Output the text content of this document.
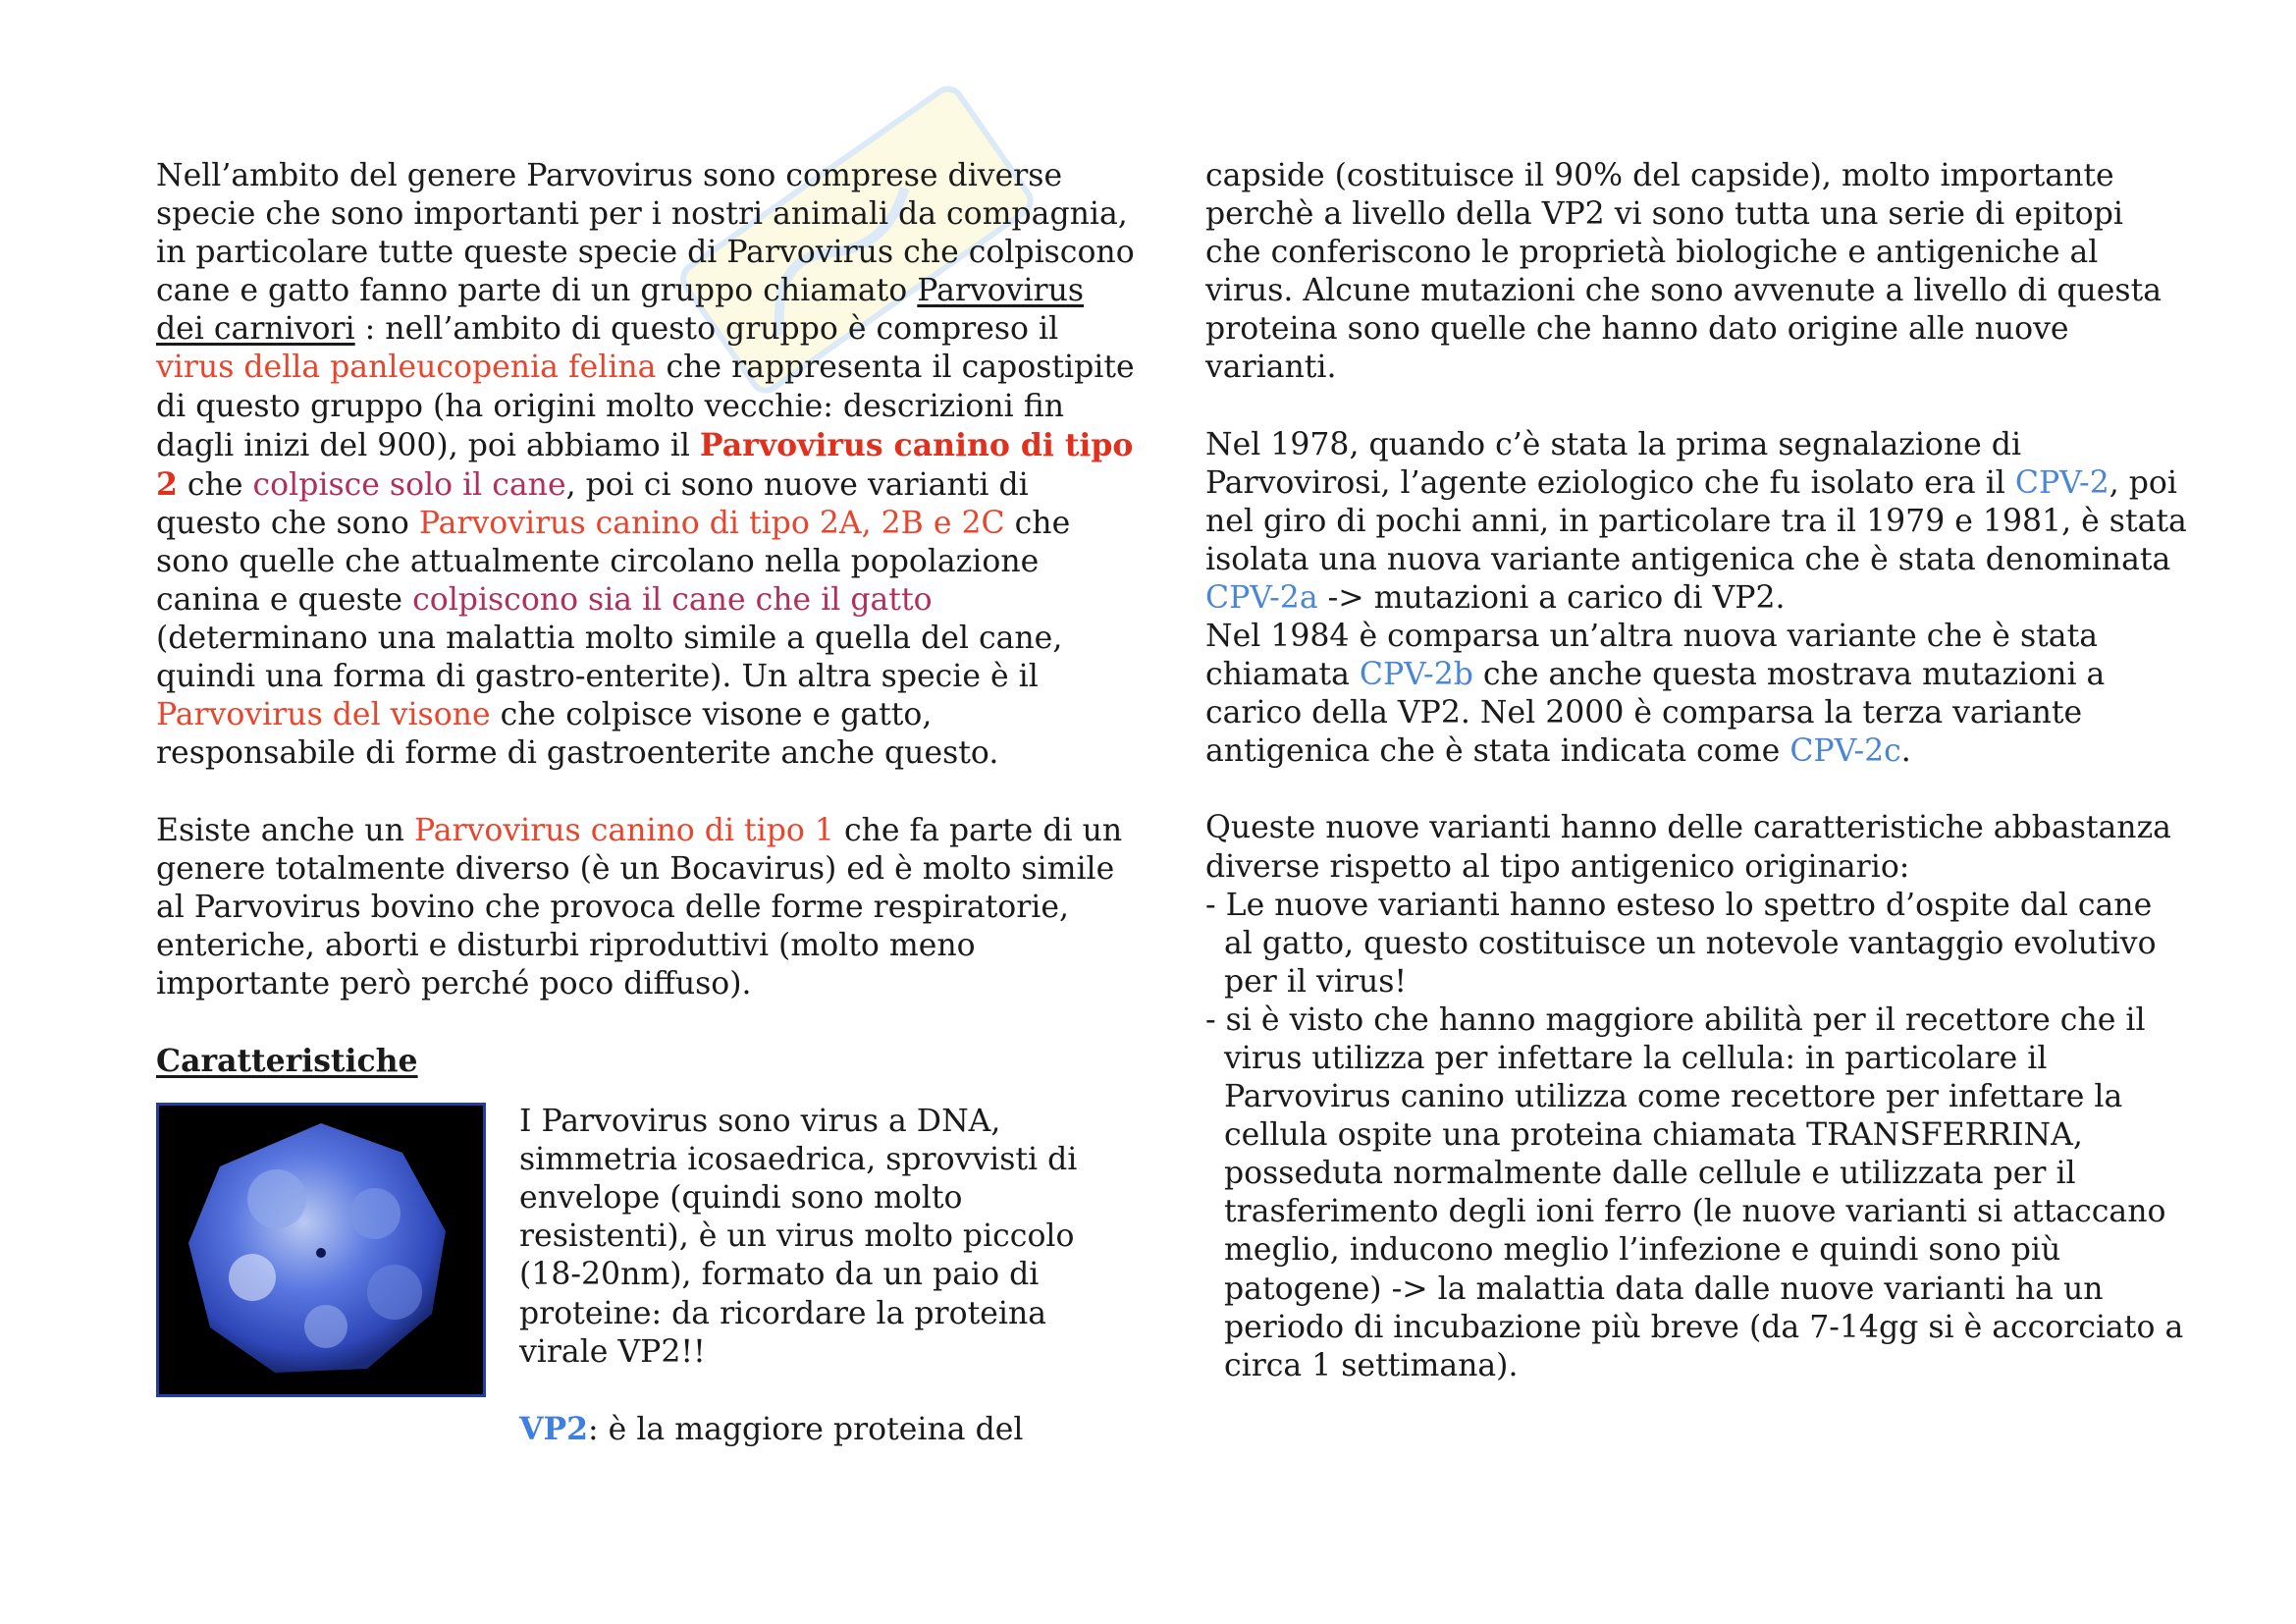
Nell’ambito del genere Parvovirus sono comprese diverse specie che sono importanti per i nostri animali da compagnia, in particolare tutte queste specie di Parvovirus che colpiscono cane e gatto fanno parte di un gruppo chiamato Parvovirus dei carnivori : nell’ambito di questo gruppo è compreso il virus della panleucopenia felina che rappresenta il capostipite di questo gruppo (ha origini molto vecchie: descrizioni fin dagli inizi del 900), poi abbiamo il Parvovirus canino di tipo 2 che colpisce solo il cane, poi ci sono nuove varianti di questo che sono Parvovirus canino di tipo 2A, 2B e 2C che sono quelle che attualmente circolano nella popolazione canina e queste colpiscono sia il cane che il gatto (determinano una malattia molto simile a quella del cane, quindi una forma di gastro-enterite). Un altra specie è il Parvovirus del visone che colpisce visone e gatto, responsabile di forme di gastroenterite anche questo.

Esiste anche un Parvovirus canino di tipo 1 che fa parte di un genere totalmente diverso (è un Bocavirus) ed è molto simile al Parvovirus bovino che provoca delle forme respiratorie, enteriche, aborti e disturbi riproduttivi (molto meno importante però perché poco diffuso).

Caratteristiche

I Parvovirus sono virus a DNA, simmetria icosaedrica, sprovvisti di envelope (quindi sono molto resistenti), è un virus molto piccolo (18-20nm), formato da un paio di proteine: da ricordare la proteina virale VP2!!

VP2: è la maggiore proteina del

capside (costituisce il 90% del capside), molto importante perchè a livello della VP2 vi sono tutta una serie di epitopi che conferiscono le proprietà biologiche e antigeniche al virus. Alcune mutazioni che sono avvenute a livello di questa proteina sono quelle che hanno dato origine alle nuove varianti.

Nel 1978, quando c’è stata la prima segnalazione di Parvovirosi, l’agente eziologico che fu isolato era il CPV-2, poi nel giro di pochi anni, in particolare tra il 1979 e 1981, è stata isolata una nuova variante antigenica che è stata denominata CPV-2a -> mutazioni a carico di VP2.

Nel 1984 è comparsa un’altra nuova variante che è stata chiamata CPV-2b che anche questa mostrava mutazioni a carico della VP2. Nel 2000 è comparsa la terza variante antigenica che è stata indicata come CPV-2c.

Queste nuove varianti hanno delle caratteristiche abbastanza diverse rispetto al tipo antigenico originario:

- Le nuove varianti hanno esteso lo spettro d’ospite dal cane al gatto, questo costituisce un notevole vantaggio evolutivo per il virus!

- si è visto che hanno maggiore abilità per il recettore che il virus utilizza per infettare la cellula: in particolare il Parvovirus canino utilizza come recettore per infettare la cellula ospite una proteina chiamata TRANSFERRINA, posseduta normalmente dalle cellule e utilizzata per il trasferimento degli ioni ferro (le nuove varianti si attaccano meglio, inducono meglio l’infezione e quindi sono più patogene) -> la malattia data dalle nuove varianti ha un periodo di incubazione più breve (da 7-14gg si è accorciato a circa 1 settimana).
